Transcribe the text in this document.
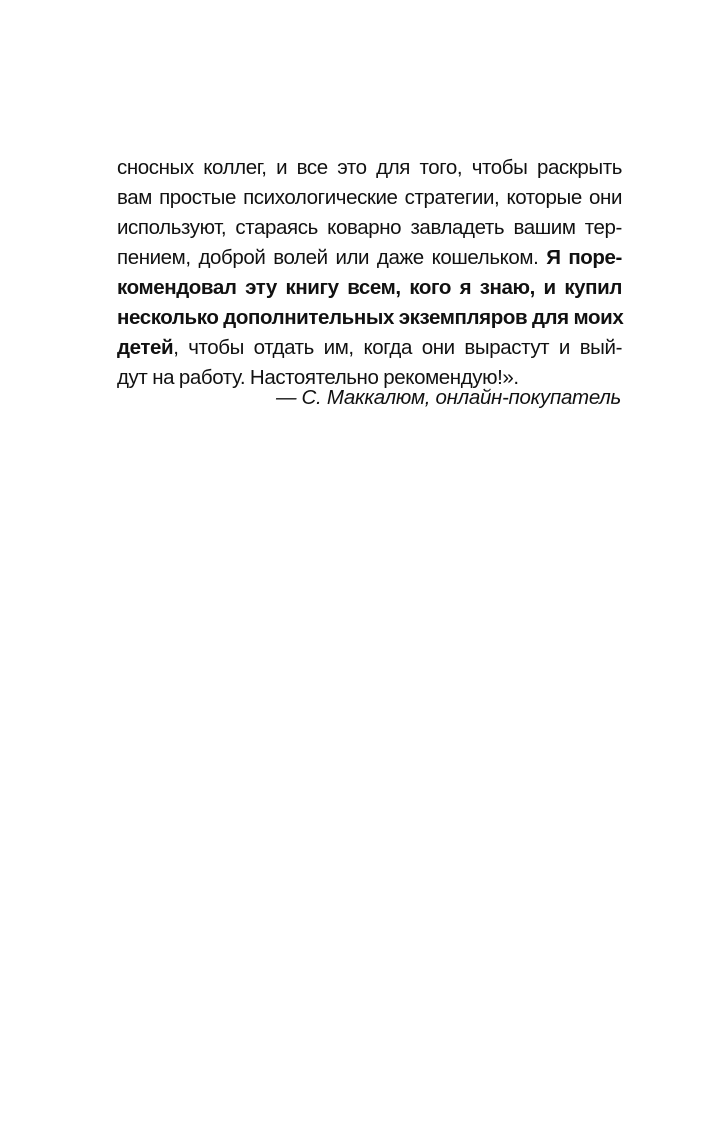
сносных коллег, и все это для того, чтобы раскрыть
вам простые психологические стратегии, которые они
используют, стараясь коварно завладеть вашим тер-
пением, доброй волей или даже кошельком. Я поре-
комендовал эту книгу всем, кого я знаю, и купил
несколько дополнительных экземпляров для моих
детей, чтобы отдать им, когда они вырастут и вый-
дут на работу. Настоятельно рекомендую!».
— С. Маккалюм, онлайн-покупатель
